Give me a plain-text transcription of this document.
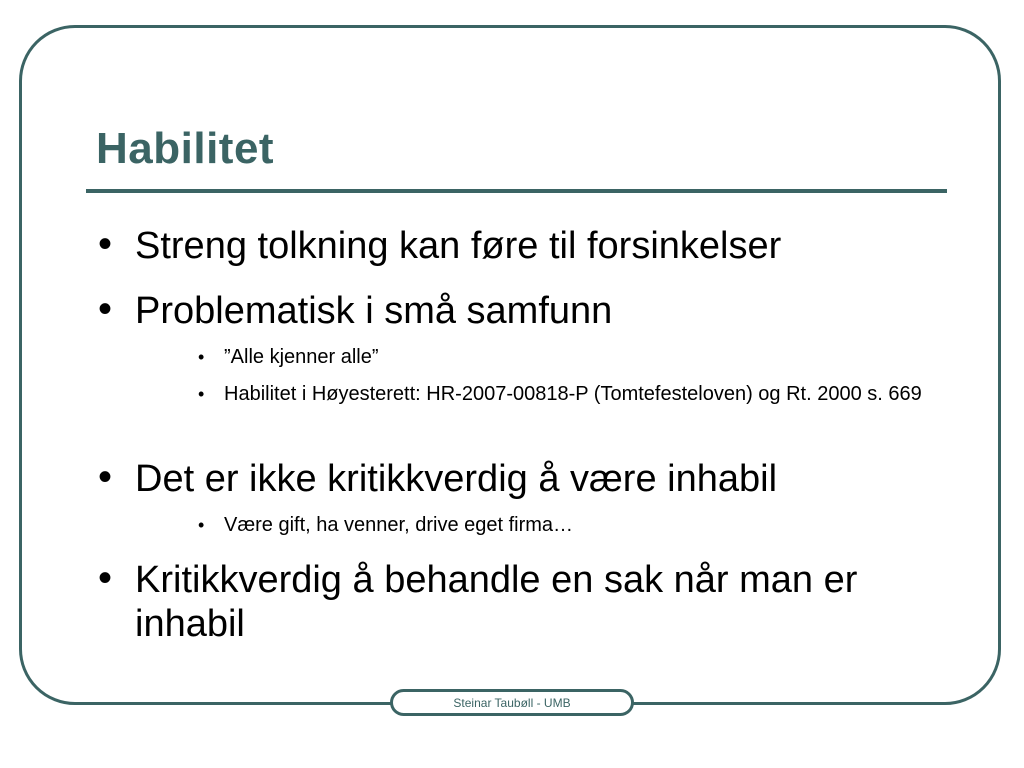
Habilitet
• Streng tolkning kan føre til forsinkelser
• Problematisk i små samfunn
• ”Alle kjenner alle”
• Habilitet i Høyesterett: HR-2007-00818-P (Tomtefesteloven) og Rt. 2000 s. 669
• Det er ikke kritikkverdig å være inhabil
• Være gift, ha venner, drive eget firma…
• Kritikkverdig å behandle en sak når man er inhabil
Steinar Taubøll - UMB
